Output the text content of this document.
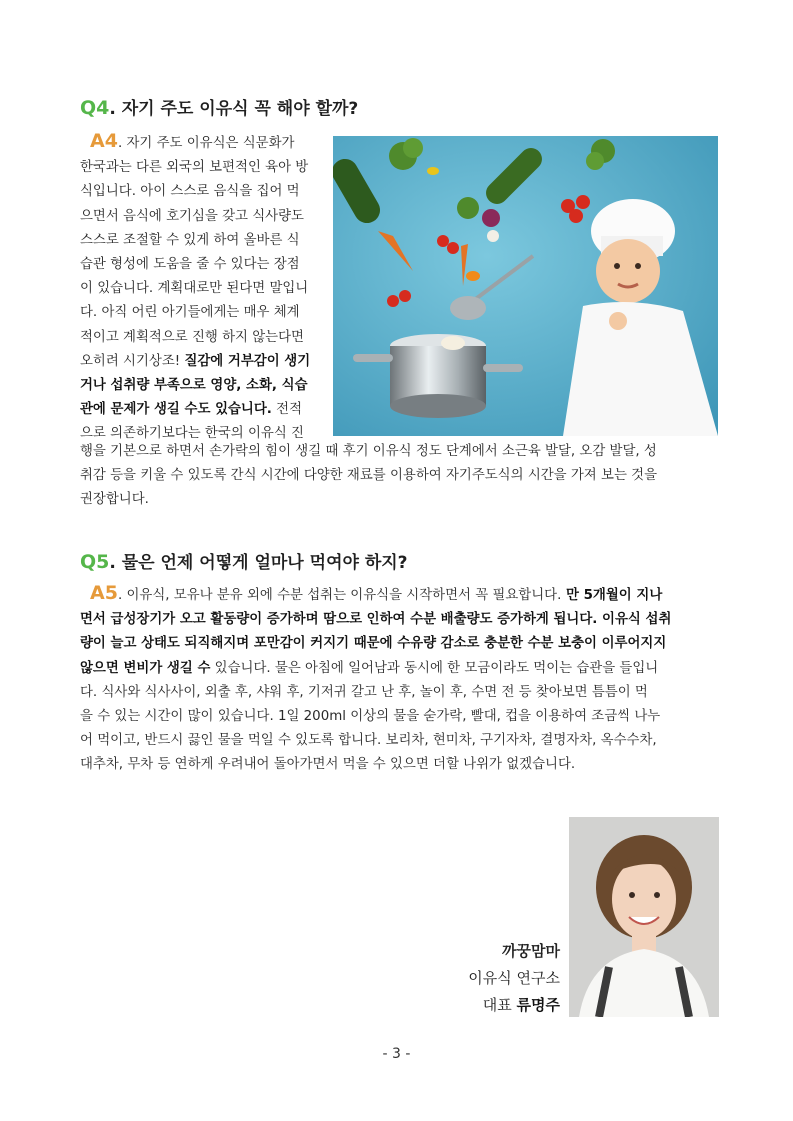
Q4. 자기 주도 이유식 꼭 해야 할까?
A4. 자기 주도 이유식은 식문화가
한국과는 다른 외국의 보편적인 육아 방
식입니다. 아이 스스로 음식을 집어 먹
으면서 음식에 호기심을 갖고 식사량도
스스로 조절할 수 있게 하여 올바른 식
습관 형성에 도움을 줄 수 있다는 장점
이 있습니다. 계획대로만 된다면 말입니
다. 아직 어린 아기들에게는 매우 체계
적이고 계획적으로 진행 하지 않는다면
오히려 시기상조! 질감에 거부감이 생기
거나 섭취량 부족으로 영양, 소화, 식습
관에 문제가 생길 수도 있습니다. 전적
으로 의존하기보다는 한국의 이유식 진
행을 기본으로 하면서 손가락의 힘이 생길 때 후기 이유식 정도 단계에서 소근육 발달, 오감 발달, 성
취감 등을 키울 수 있도록 간식 시간에 다양한 재료를 이용하여 자기주도식의 시간을 가져 보는 것을
권장합니다.
Q5. 물은 언제 어떻게 얼마나 먹여야 하지?
A5. 이유식, 모유나 분유 외에 수분 섭취는 이유식을 시작하면서 꼭 필요합니다. 만 5개월이 지나
면서 급성장기가 오고 활동량이 증가하며 땀으로 인하여 수분 배출량도 증가하게 됩니다. 이유식 섭취
량이 늘고 상태도 되직해지며 포만감이 커지기 때문에 수유량 감소로 충분한 수분 보충이 이루어지지
않으면 변비가 생길 수 있습니다. 물은 아침에 일어남과 동시에 한 모금이라도 먹이는 습관을 들입니
다. 식사와 식사사이, 외출 후, 샤워 후, 기저귀 갈고 난 후, 놀이 후, 수면 전 등 찾아보면 틈틈이 먹
을 수 있는 시간이 많이 있습니다. 1일 200ml 이상의 물을 숟가락, 빨대, 컵을 이용하여 조금씩 나누
어 먹이고, 반드시 끓인 물을 먹일 수 있도록 합니다. 보리차, 현미차, 구기자차, 결명자차, 옥수수차,
대추차, 무차 등 연하게 우려내어 돌아가면서 먹을 수 있으면 더할 나위가 없겠습니다.
까꿍맘마
이유식 연구소
대표 류명주
- 3 -
